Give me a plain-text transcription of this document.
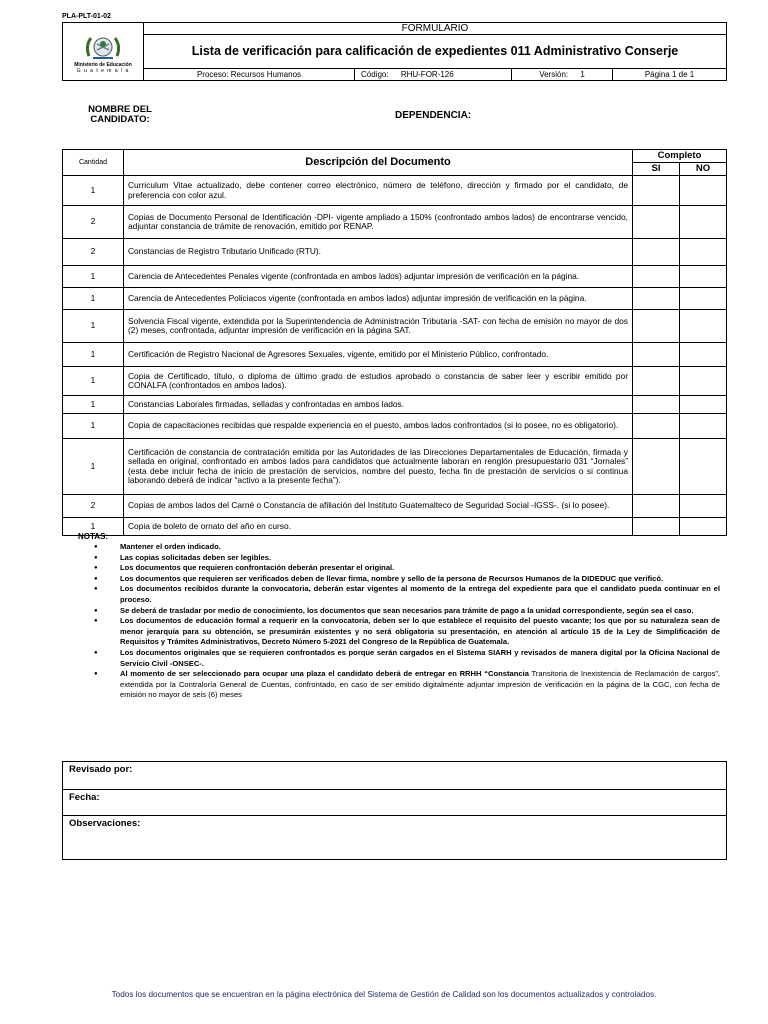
PLA-PLT-01-02
Ministerio de Educación
G u a t e m a l a	FORMULARIO			
	Lista de verificación para calificación de expedientes 011 Administrativo Conserje			
	Proceso: Recursos Humanos	Código: RHU-FOR-126	Versión: 1	Página 1 de 1
NOMBRE DEL CANDIDATO:	DEPENDENCIA:
Cantidad	Descripción del Documento	Completo	
		SI	NO
1	Curriculum Vitae actualizado, debe contener correo electrónico, número de teléfono, dirección y firmado por el candidato, de preferencia con color azul.		
2	Copias de Documento Personal de Identificación -DPI- vigente ampliado a 150% (confrontado ambos lados) de encontrarse vencido, adjuntar constancia de trámite de renovación, emitido por RENAP.		
2	Constancias de Registro Tributario Unificado (RTU).		
1	Carencia de Antecedentes Penales vigente (confrontada en ambos lados) adjuntar impresión de verificación en la página.		
1	Carencia de Antecedentes Policiacos vigente (confrontada en ambos lados) adjuntar impresión de verificación en la página.		
1	Solvencia Fiscal vigente, extendida por la Superintendencia de Administración Tributaria -SAT- con fecha de emisión no mayor de dos (2) meses, confrontada, adjuntar impresión de verificación en la página SAT.		
1	Certificación de Registro Nacional de Agresores Sexuales, vigente, emitido por el Ministerio Público, confrontado.		
1	Copia de Certificado, título, o diploma de último grado de estudios aprobado o constancia de saber leer y escribir emitido por CONALFA (confrontados en ambos lados).		
1	Constancias Laborales firmadas, selladas y confrontadas en ambos lados.		
1	Copia de capacitaciones recibidas que respalde experiencia en el puesto, ambos lados confrontados (si lo posee, no es obligatorio).		
1	Certificación de constancia de contratación emitida por las Autoridades de las Direcciones Departamentales de Educación, firmada y sellada en original, confrontado en ambos lados para candidatos que actualmente laboran en renglón presupuestario 031 “Jornales” (esta debe incluir fecha de inicio de prestación de servicios, nombre del puesto, fecha fin de prestación de servicios o si continua laborando deberá de indicar “activo a la presente fecha”).		
2	Copias de ambos lados del Carné o Constancia de afiliación del Instituto Guatemalteco de Seguridad Social -IGSS-. (si lo posee).		
1	Copia de boleto de ornato del año en curso.		
NOTAS:
● Mantener el orden indicado.
● Las copias solicitadas deben ser legibles.
● Los documentos que requieren confrontación deberán presentar el original.
● Los documentos que requieren ser verificados deben de llevar firma, nombre y sello de la persona de Recursos Humanos de la DIDEDUC que verificó.
● Los documentos recibidos durante la convocatoria, deberán estar vigentes al momento de la entrega del expediente para que el candidato pueda continuar en el proceso.
● Se deberá de trasladar por medio de conocimiento, los documentos que sean necesarios para trámite de pago a la unidad correspondiente, según sea el caso.
● Los documentos de educación formal a requerir en la convocatoria, deben ser lo que establece el requisito del puesto vacante; los que por su naturaleza sean de menor jerarquía para su obtención, se presumirán existentes y no será obligatoria su presentación, en atención al artículo 15 de la Ley de Simplificación de Requisitos y Trámites Administrativos, Decreto Número 5-2021 del Congreso de la República de Guatemala.
● Los documentos originales que se requieren confrontados es porque serán cargados en el Sistema SIARH y revisados de manera digital por la Oficina Nacional de Servicio Civil -ONSEC-.
● Al momento de ser seleccionado para ocupar una plaza el candidato deberá de entregar en RRHH “Constancia Transitoria de Inexistencia de Reclamación de cargos”, extendida por la Contraloría General de Cuentas, confrontado, en caso de ser emitido digitalmente adjuntar impresión de verificación en la página de la CGC, con fecha de emisión no mayor de seis (6) meses
Revisado por:
Fecha:
Observaciones:
Todos los documentos que se encuentran en la página electrónica del Sistema de Gestión de Calidad son los documentos actualizados y controlados.
